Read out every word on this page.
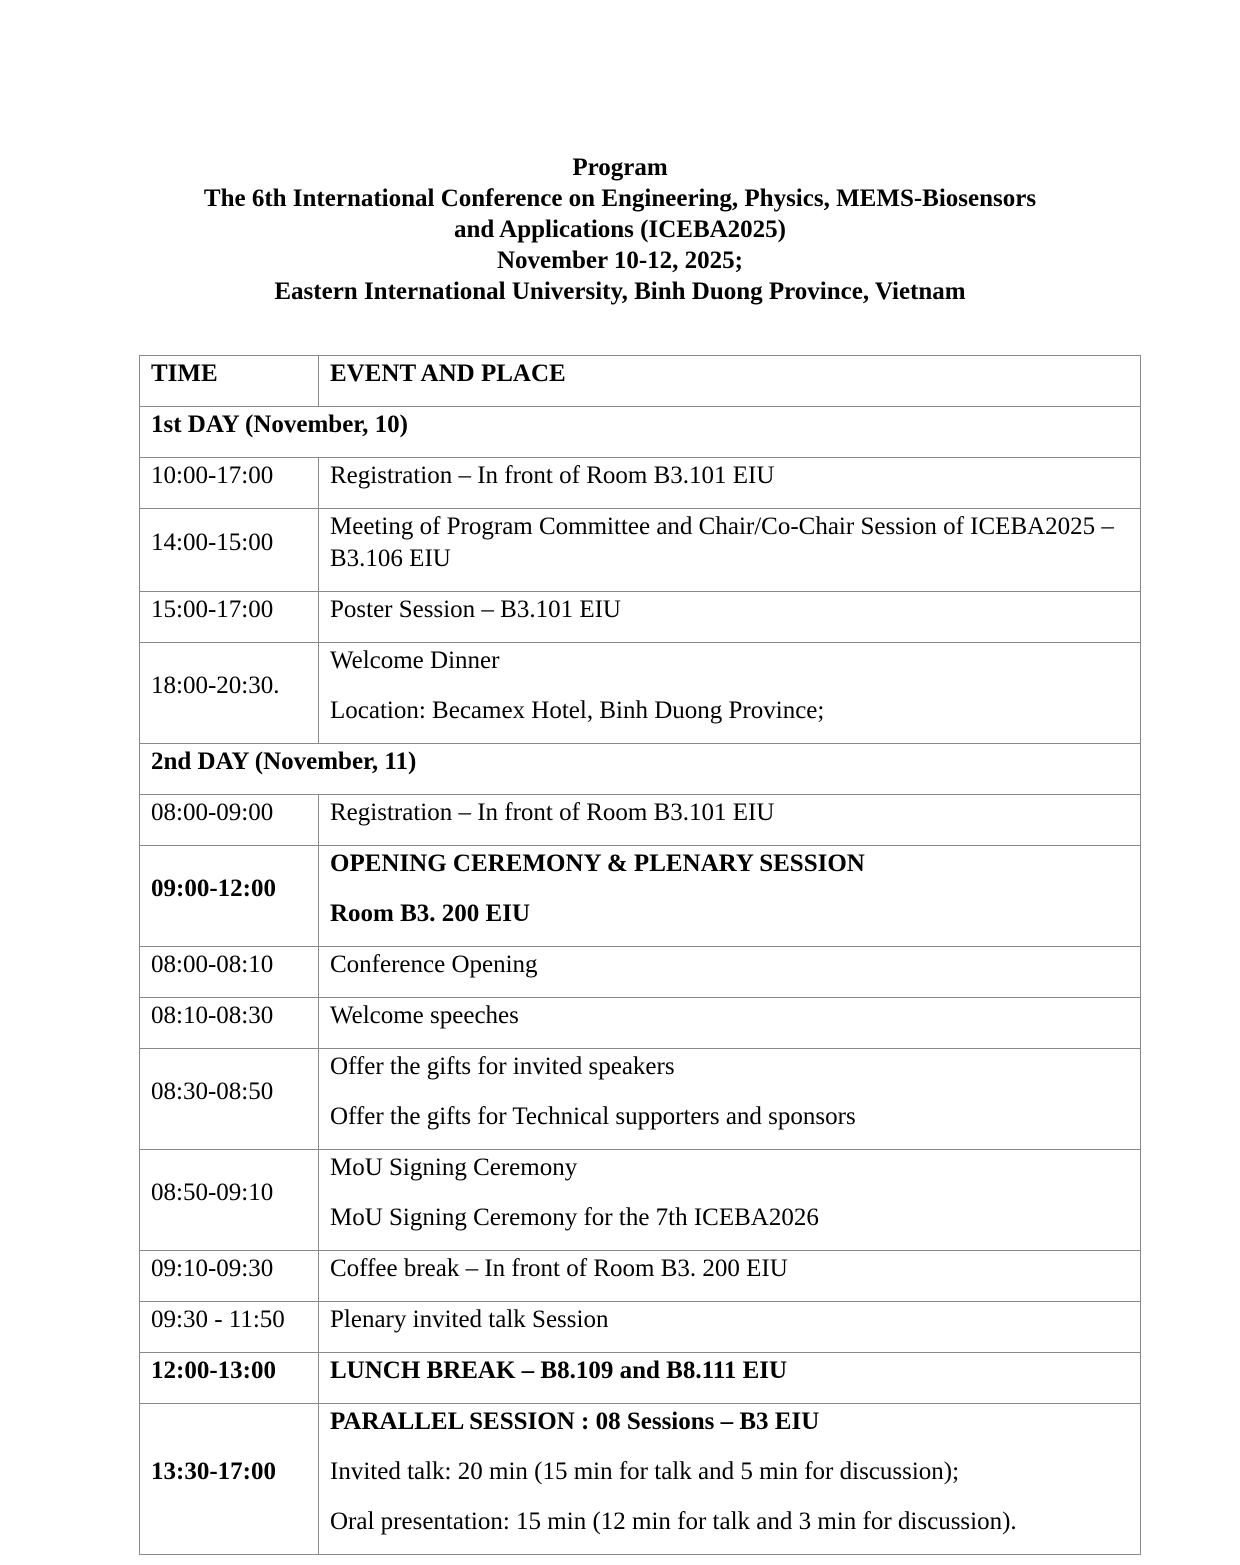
Program
The 6th International Conference on Engineering, Physics, MEMS-Biosensors
and Applications (ICEBA2025)
November 10-12, 2025;
Eastern International University, Binh Duong Province, Vietnam
TIME	EVENT AND PLACE
1st DAY (November, 10)	
10:00-17:00	Registration – In front of Room B3.101 EIU

14:00-15:00	Meeting of Program Committee and Chair/Co-Chair Session of ICEBA2025 – B3.106 EIU

15:00-17:00	Poster Session – B3.101 EIU

18:00-20:30.	Welcome Dinner

Location: Becamex Hotel, Binh Duong Province;

2nd DAY (November, 11)	
08:00-09:00	Registration – In front of Room B3.101 EIU

09:00-12:00	OPENING CEREMONY & PLENARY SESSION

Room B3. 200 EIU

08:00-08:10	Conference Opening

08:10-08:30	Welcome speeches

08:30-08:50	Offer the gifts for invited speakers

Offer the gifts for Technical supporters and sponsors

08:50-09:10	MoU Signing Ceremony

MoU Signing Ceremony for the 7th ICEBA2026

09:10-09:30	Coffee break – In front of Room B3. 200 EIU

09:30 - 11:50	Plenary invited talk Session

12:00-13:00	LUNCH BREAK – B8.109 and B8.111 EIU

13:30-17:00	PARALLEL SESSION : 08 Sessions – B3 EIU

Invited talk: 20 min (15 min for talk and 5 min for discussion);

Oral presentation: 15 min (12 min for talk and 3 min for discussion).
